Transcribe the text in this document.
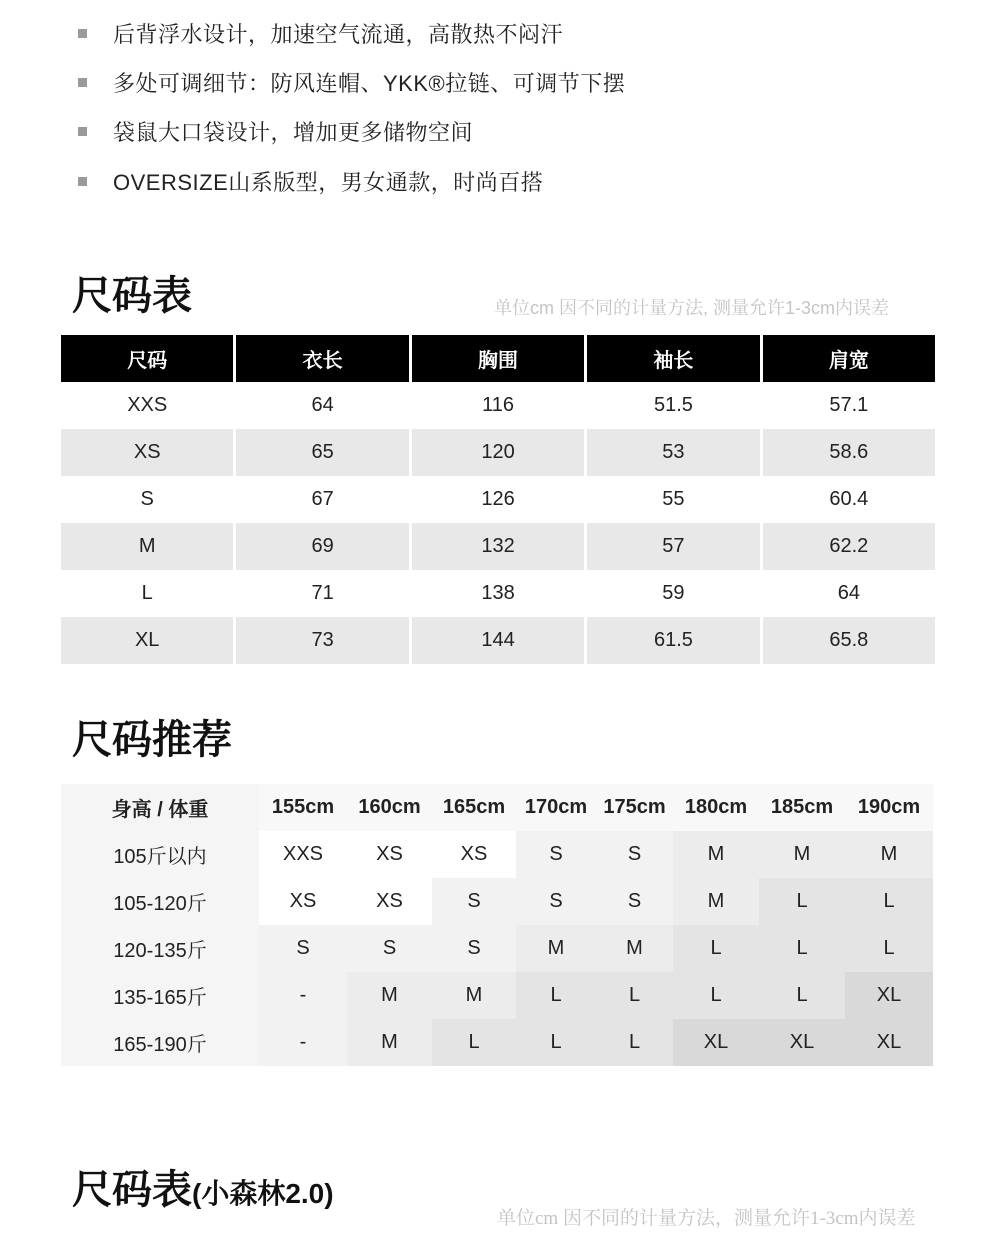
后背浮水设计，加速空气流通，高散热不闷汗
多处可调细节：防风连帽、YKK®拉链、可调节下摆
袋鼠大口袋设计，增加更多储物空间
OVERSIZE山系版型，男女通款，时尚百搭
尺码表	单位cm 因不同的计量方法, 测量允许1-3cm内误差
尺码	衣长	胸围	袖长	肩宽
XXS	64	116	51.5	57.1
XS	65	120	53	58.6
S	67	126	55	60.4
M	69	132	57	62.2
L	71	138	59	64
XL	73	144	61.5	65.8
尺码推荐
身高 / 体重	155cm	160cm	165cm 170cm 175cm 180cm	185cm	190cm
105斤以内	XXS	XS	XS	S	S	M	M	M
105-120斤	XS	XS	S	S	S	M	L	L
120-135斤	S	S	S	M	M	L	L	L
135-165斤	-	M	M	L	L	L	L	XL
165-190斤	-	M	L	L	L	XL	XL	XL
尺码表(小森林2.0)
单位cm 因不同的计量方法，测量允许1-3cm内误差
